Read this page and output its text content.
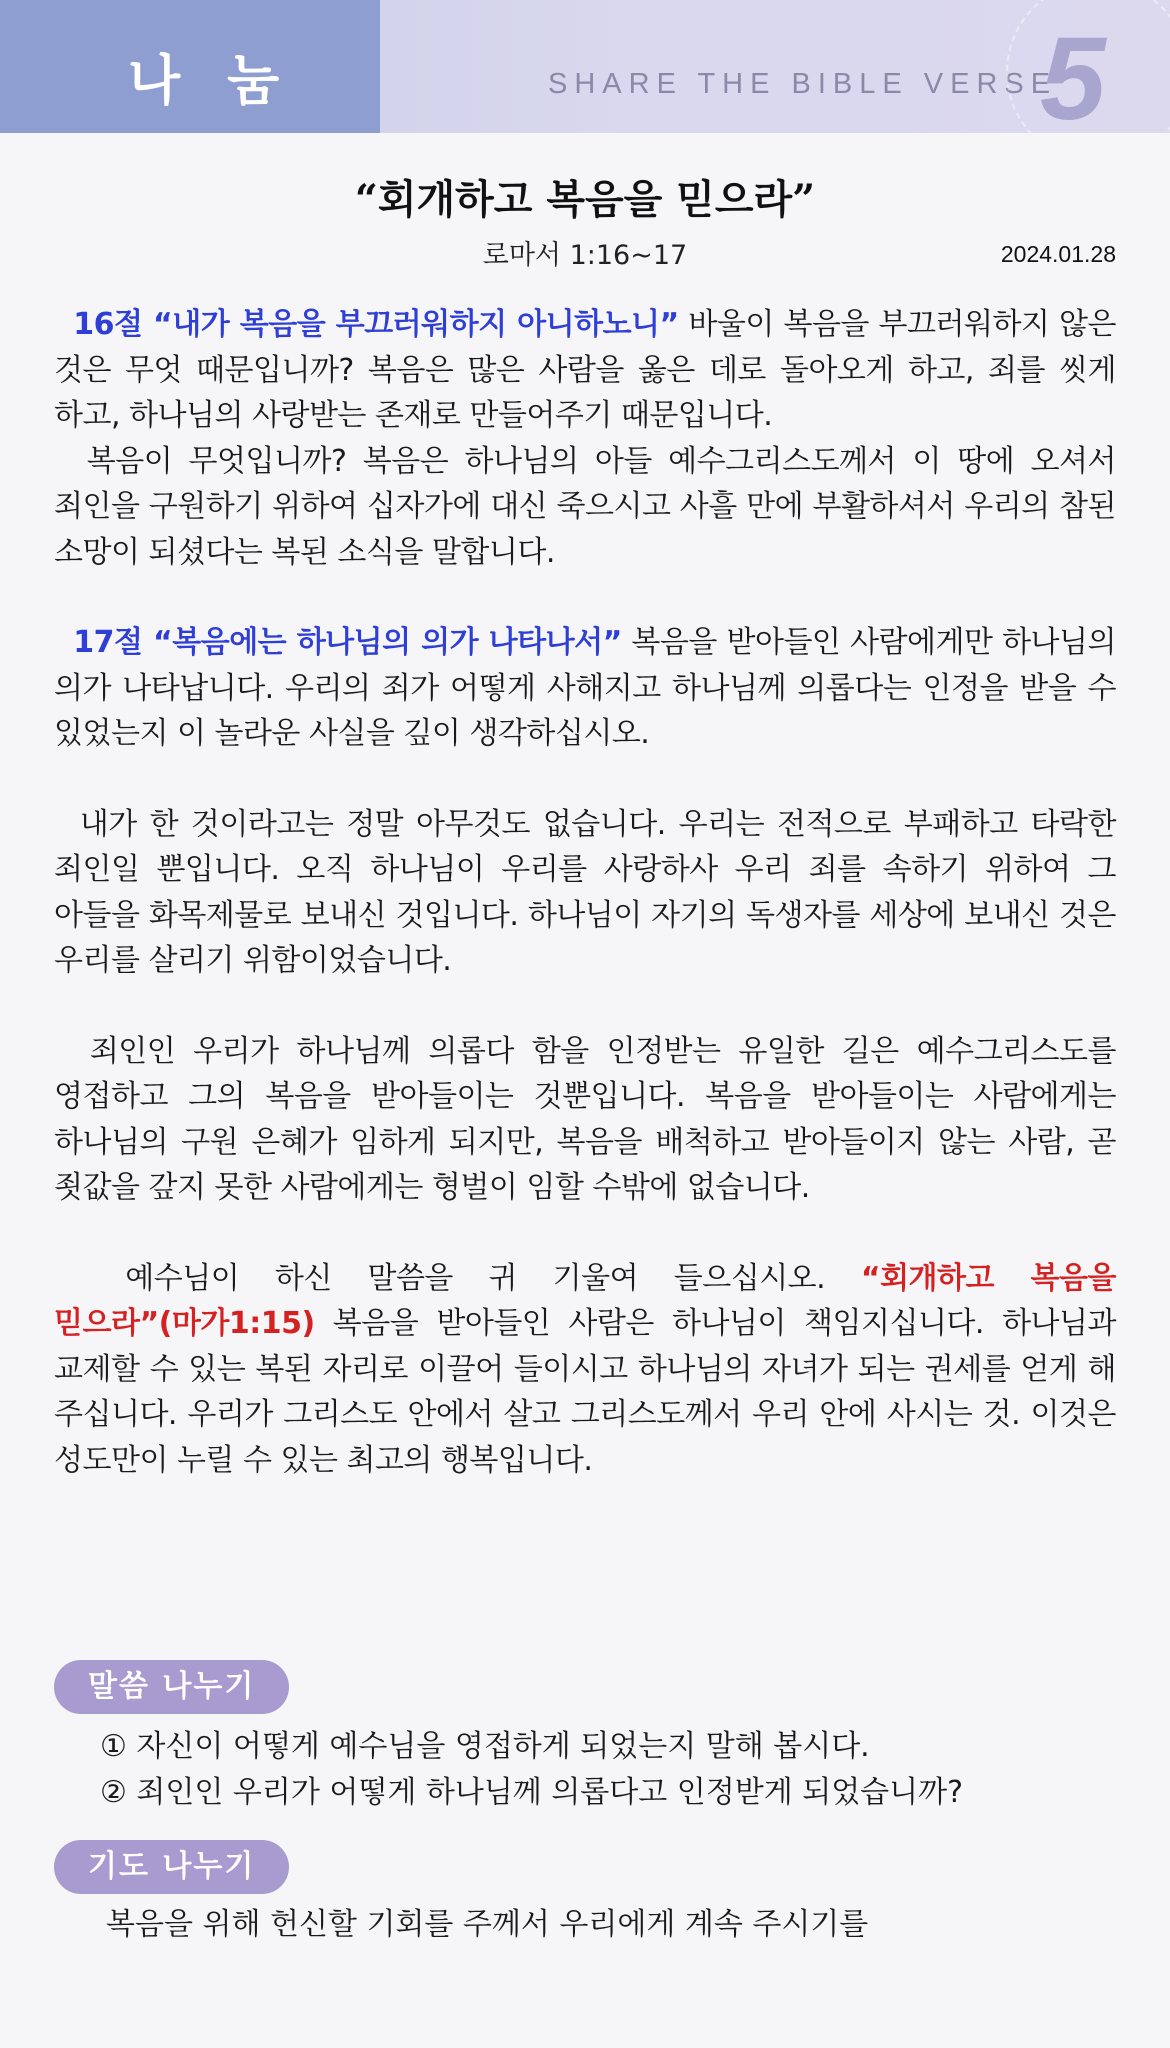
나 눔	SHARE THE BIBLE VERSE
5
“회개하고 복음을 믿으라”
로마서 1:16~17	2024.01.28

16절 “내가 복음을 부끄러워하지 아니하노니” 바울이 복음을 부끄러워하지 않은 것은 무엇 때문입니까? 복음은 많은 사람을 옳은 데로 돌아오게 하고, 죄를 씻게 하고, 하나님의 사랑받는 존재로 만들어주기 때문입니다.

복음이 무엇입니까? 복음은 하나님의 아들 예수그리스도께서 이 땅에 오셔서 죄인을 구원하기 위하여 십자가에 대신 죽으시고 사흘 만에 부활하셔서 우리의 참된 소망이 되셨다는 복된 소식을 말합니다.

17절 “복음에는 하나님의 의가 나타나서” 복음을 받아들인 사람에게만 하나님의 의가 나타납니다. 우리의 죄가 어떻게 사해지고 하나님께 의롭다는 인정을 받을 수 있었는지 이 놀라운 사실을 깊이 생각하십시오.

내가 한 것이라고는 정말 아무것도 없습니다. 우리는 전적으로 부패하고 타락한 죄인일 뿐입니다. 오직 하나님이 우리를 사랑하사 우리 죄를 속하기 위하여 그 아들을 화목제물로 보내신 것입니다. 하나님이 자기의 독생자를 세상에 보내신 것은 우리를 살리기 위함이었습니다.

죄인인 우리가 하나님께 의롭다 함을 인정받는 유일한 길은 예수그리스도를 영접하고 그의 복음을 받아들이는 것뿐입니다. 복음을 받아들이는 사람에게는 하나님의 구원 은혜가 임하게 되지만, 복음을 배척하고 받아들이지 않는 사람, 곧 죗값을 갚지 못한 사람에게는 형벌이 임할 수밖에 없습니다.

예수님이 하신 말씀을 귀 기울여 들으십시오. “회개하고 복음을 믿으라”(마가1:15) 복음을 받아들인 사람은 하나님이 책임지십니다. 하나님과 교제할 수 있는 복된 자리로 이끌어 들이시고 하나님의 자녀가 되는 권세를 얻게 해 주십니다. 우리가 그리스도 안에서 살고 그리스도께서 우리 안에 사시는 것. 이것은 성도만이 누릴 수 있는 최고의 행복입니다.

말씀 나누기
① 자신이 어떻게 예수님을 영접하게 되었는지 말해 봅시다.
② 죄인인 우리가 어떻게 하나님께 의롭다고 인정받게 되었습니까?
기도 나누기
복음을 위해 헌신할 기회를 주께서 우리에게 계속 주시기를
